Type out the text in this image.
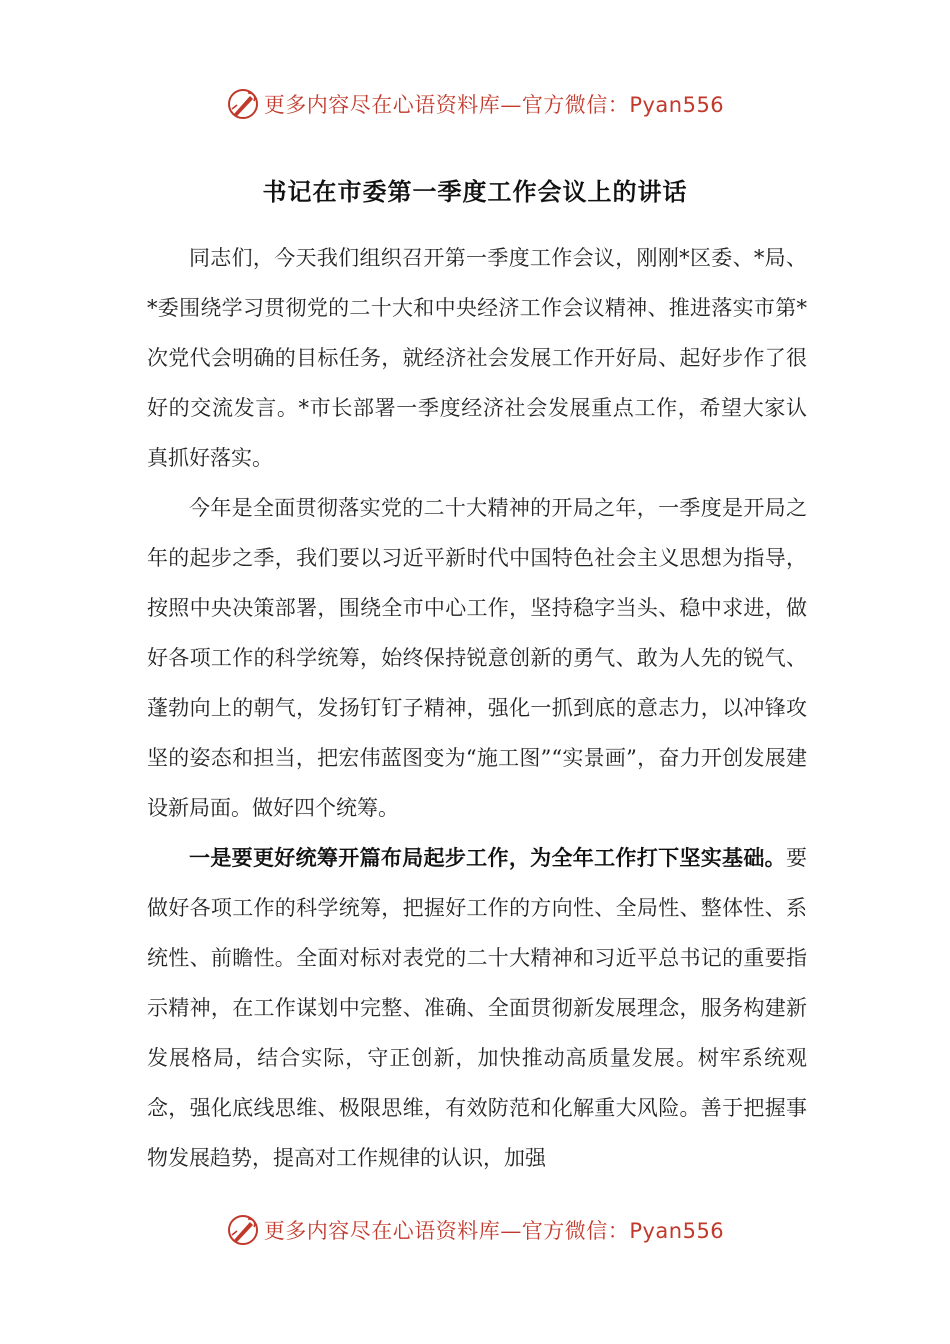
更多内容尽在心语资料库—官方微信：Pyan556
书记在市委第一季度工作会议上的讲话

同志们，今天我们组织召开第一季度工作会议，刚刚*区委、*局、*委围绕学习贯彻党的二十大和中央经济工作会议精神、推进落实市第*次党代会明确的目标任务，就经济社会发展工作开好局、起好步作了很好的交流发言。*市长部署一季度经济社会发展重点工作，希望大家认真抓好落实。

今年是全面贯彻落实党的二十大精神的开局之年，一季度是开局之年的起步之季，我们要以习近平新时代中国特色社会主义思想为指导，按照中央决策部署，围绕全市中心工作，坚持稳字当头、稳中求进，做好各项工作的科学统筹，始终保持锐意创新的勇气、敢为人先的锐气、蓬勃向上的朝气，发扬钉钉子精神，强化一抓到底的意志力，以冲锋攻坚的姿态和担当，把宏伟蓝图变为“施工图”“实景画”，奋力开创发展建设新局面。做好四个统筹。

一是要更好统筹开篇布局起步工作，为全年工作打下坚实基础。要做好各项工作的科学统筹，把握好工作的方向性、全局性、整体性、系统性、前瞻性。全面对标对表党的二十大精神和习近平总书记的重要指示精神，在工作谋划中完整、准确、全面贯彻新发展理念，服务构建新发展格局，结合实际，守正创新，加快推动高质量发展。树牢系统观念，强化底线思维、极限思维，有效防范和化解重大风险。善于把握事物发展趋势，提高对工作规律的认识，加强

更多内容尽在心语资料库—官方微信：Pyan556
